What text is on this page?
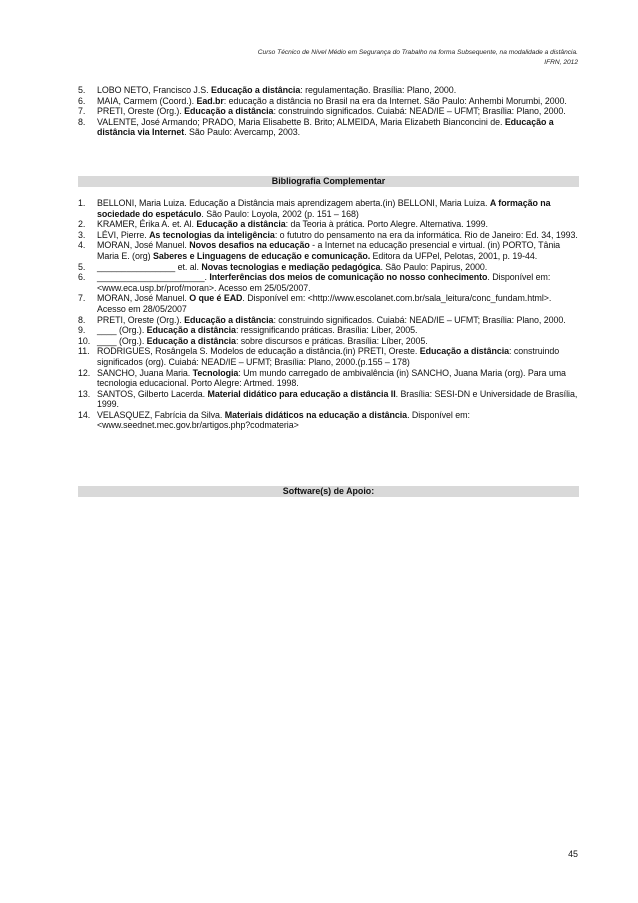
Curso Técnico de Nível Médio em Segurança do Trabalho na forma Subsequente, na modalidade a distância.
IFRN, 2012
5.	LOBO NETO, Francisco J.S. Educação a distância: regulamentação. Brasília: Plano, 2000.
6.	MAIA, Carmem (Coord.). Ead.br: educação a distância no Brasil na era da Internet. São Paulo: Anhembi Morumbi, 2000.
7.	PRETI, Oreste (Org.). Educação a distância: construindo significados. Cuiabá: NEAD/IE – UFMT; Brasília: Plano, 2000.
8.	VALENTE, José Armando; PRADO, Maria Elisabette B. Brito; ALMEIDA, Maria Elizabeth Bianconcini de. Educação a distância via Internet. São Paulo: Avercamp, 2003.
Bibliografia Complementar
1.	BELLONI, Maria Luiza. Educação a Distância mais aprendizagem aberta.(in) BELLONI, Maria Luiza. A formação na sociedade do espetáculo. São Paulo: Loyola, 2002 (p. 151 – 168)
2.	KRAMER, Érika A. et. Al. Educação a distância: da Teoria à prática. Porto Alegre. Alternativa. 1999.
3.	LÉVI, Pierre. As tecnologias da inteligência: o fututro do pensamento na era da informática. Rio de Janeiro: Ed. 34, 1993.
4.	MORAN, José Manuel. Novos desafios na educação - a Internet na educação presencial e virtual. (in) PORTO, Tânia Maria E. (org) Saberes e Linguagens de educação e comunicação. Editora da UFPel, Pelotas, 2001, p. 19-44.
5.	________________ et. al. Novas tecnologias e mediação pedagógica. São Paulo: Papirus, 2000.
6.	______________________. Interferências dos meios de comunicação no nosso conhecimento. Disponível em: <www.eca.usp.br/prof/moran>. Acesso em 25/05/2007.
7.	MORAN, José Manuel. O que é EAD. Disponível em: <http://www.escolanet.com.br/sala_leitura/conc_fundam.html>. Acesso em 28/05/2007
8.	PRETI, Oreste (Org.). Educação a distância: construindo significados. Cuiabá: NEAD/IE – UFMT; Brasília: Plano, 2000.
9.	____ (Org.). Educação a distância: ressignificando práticas. Brasília: Líber, 2005.
10. ____ (Org.). Educação a distância: sobre discursos e práticas. Brasília: Líber, 2005.
11. RODRIGUES, Rosângela S. Modelos de educação a distância.(in) PRETI, Oreste. Educação a distância: construindo significados (org). Cuiabá: NEAD/IE – UFMT; Brasília: Plano, 2000.(p.155 – 178)
12. SANCHO, Juana Maria. Tecnologia: Um mundo carregado de ambivalência (in) SANCHO, Juana Maria (org). Para uma tecnologia educacional. Porto Alegre: Artmed. 1998.
13. SANTOS, Gilberto Lacerda. Material didático para educação a distância II. Brasília: SESI-DN e Universidade de Brasília, 1999.
14. VELASQUEZ, Fabrícia da Silva. Materiais didáticos na educação a distância. Disponível em: <www.seednet.mec.gov.br/artigos.php?codmateria>
Software(s) de Apoio:
45
